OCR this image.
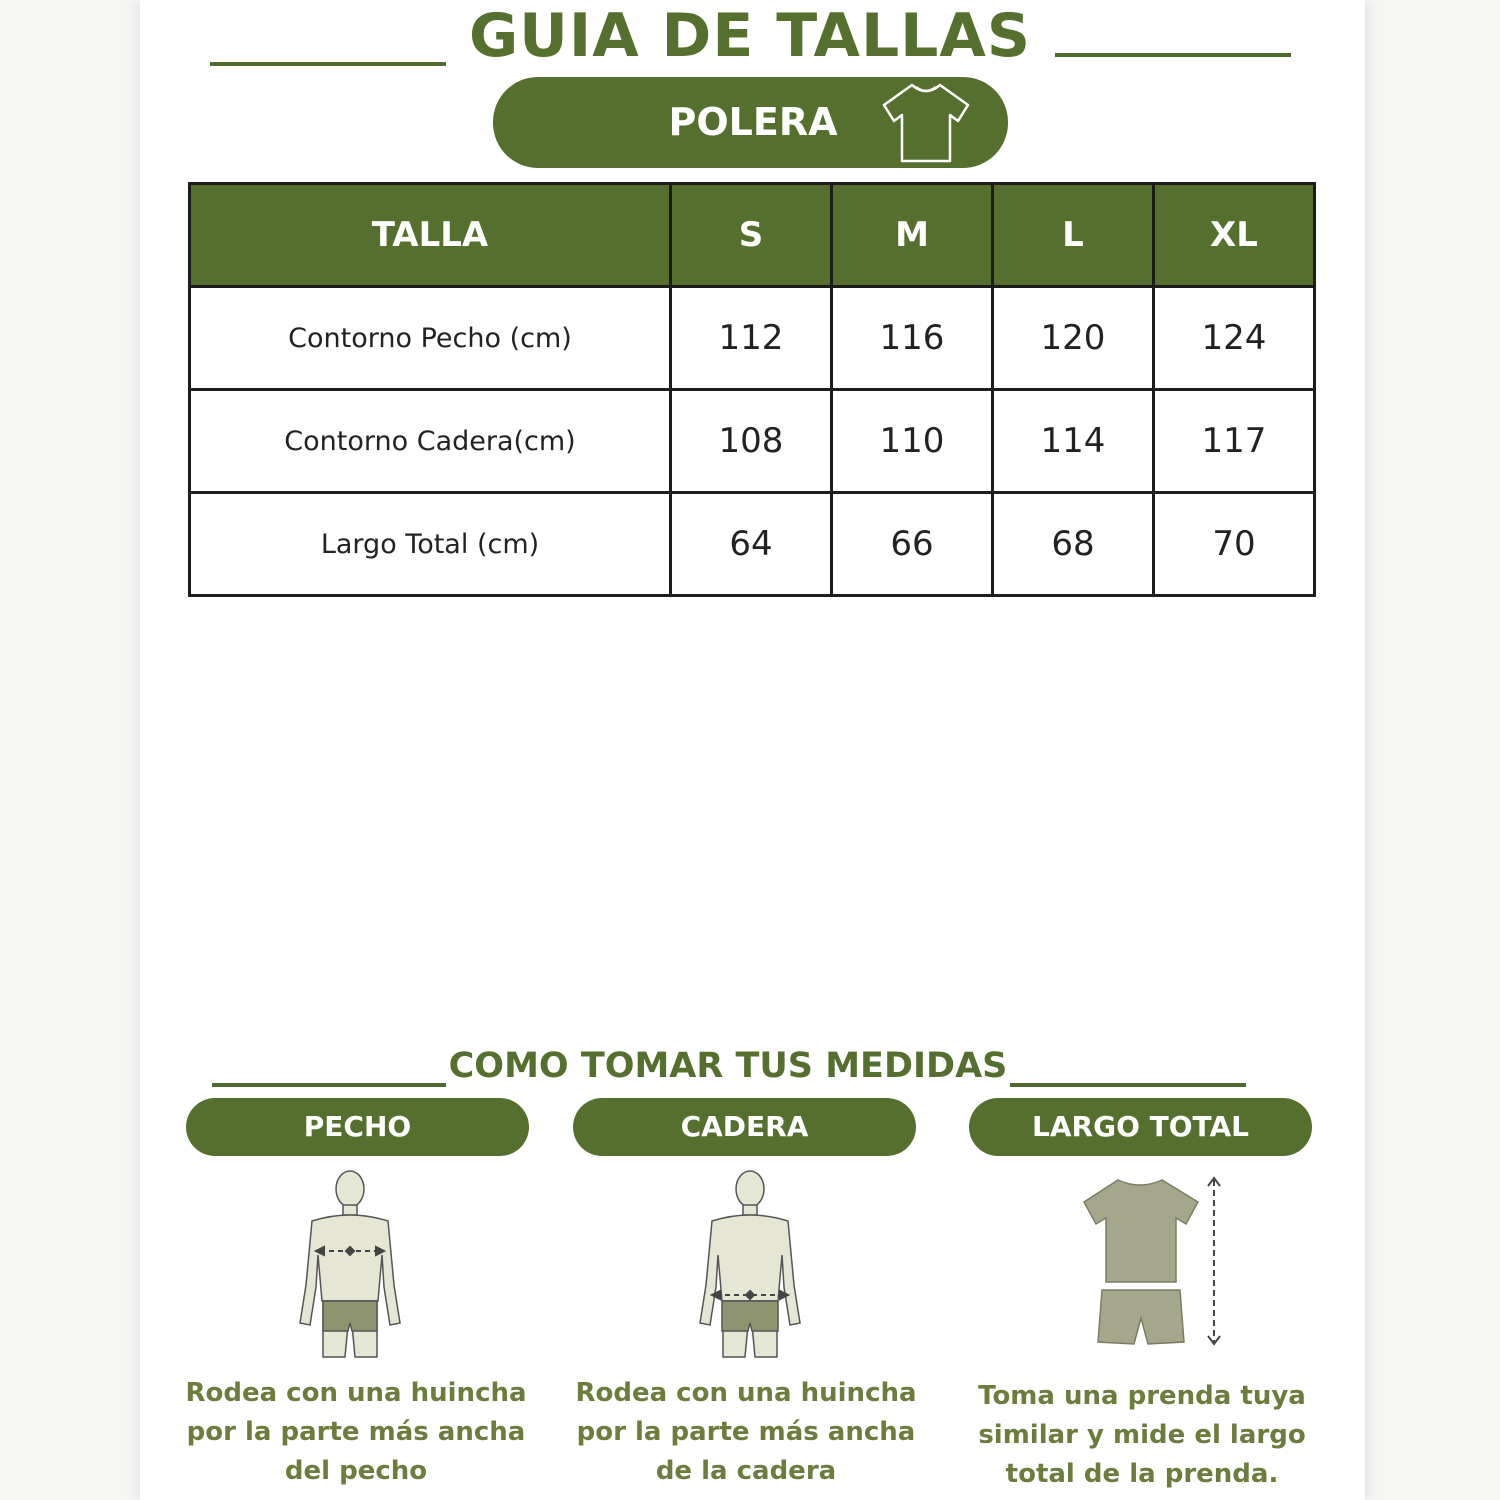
GUIA DE TALLAS
POLERA
TALLA	S	M	L	XL
Contorno Pecho (cm)	112	116	120	124
Contorno Cadera(cm)	108	110	114	117
Largo Total (cm)	64	66	68	70
COMO TOMAR TUS MEDIDAS
PECHO	CADERA	LARGO TOTAL
Rodea con una huincha
por la parte más ancha
del pecho
Rodea con una huincha
por la parte más ancha
de la cadera
Toma una prenda tuya
similar y mide el largo
total de la prenda.
